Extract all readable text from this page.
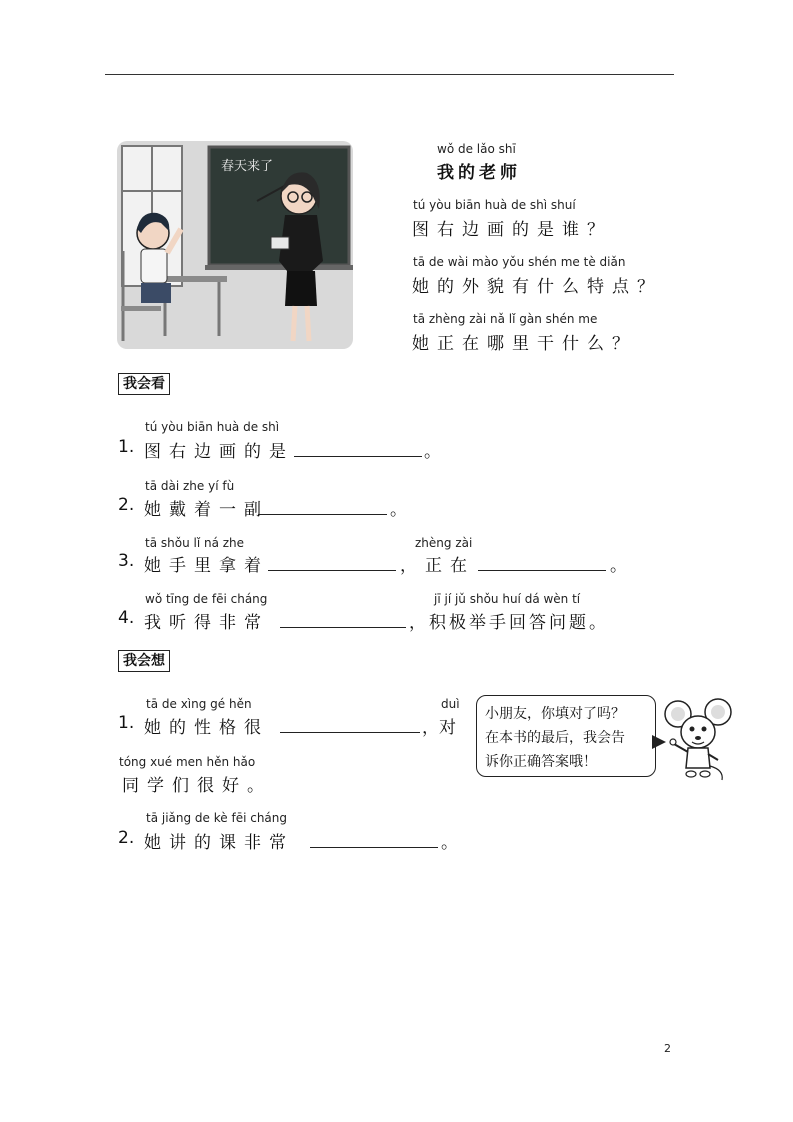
春天来了
wǒ de lǎo shī
我的老师
tú yòu biān huà de shì shuí
图右边画的是谁？
tā de wài mào yǒu shén me tè diǎn
她的外貌有什么特点？
tā zhèng zài nǎ lǐ gàn shén me
她正在哪里干什么？
我会看
tú yòu biān huà de shì
1. 图右边画的是	。
tā dài zhe yí fù
2. 她戴着一副	。
tā shǒu lǐ ná zhe	zhèng zài
3. 她手里拿着	，正在	。
wǒ tīng de fēi cháng	jī jí jǔ shǒu huí dá wèn tí
4. 我听得非常	，积极举手回答问题。
我会想
tā de xìng gé hěn	duì
1. 她的性格很	，对
tóng xué men hěn hǎo
同学们很好。
tā jiǎng de kè fēi cháng
2. 她讲的课非常	。
小朋友，你填对了吗？
在本书的最后，我会告
诉你正确答案哦！
2
